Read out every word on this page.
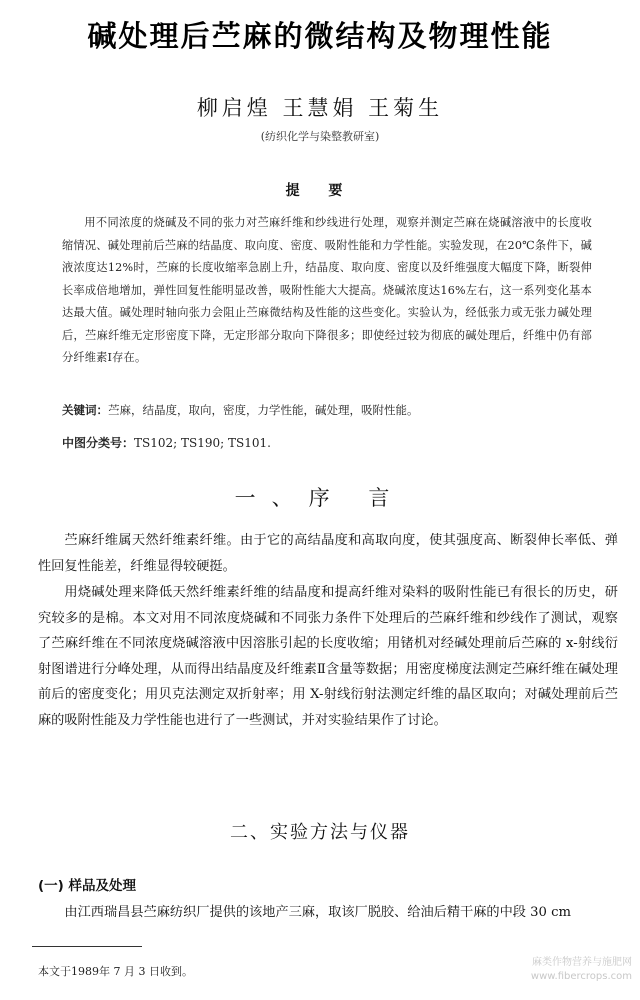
碱处理后苎麻的微结构及物理性能
柳启煌 王慧娟 王菊生
(纺织化学与染整教研室)
提 要
用不同浓度的烧碱及不同的张力对苎麻纤维和纱线进行处理，观察并测定苎麻在烧碱溶液中的长度收缩情况、碱处理前后苎麻的结晶度、取向度、密度、吸附性能和力学性能。实验发现，在20℃条件下，碱液浓度达12%时，苎麻的长度收缩率急剧上升，结晶度、取向度、密度以及纤维强度大幅度下降，断裂伸长率成倍地增加，弹性回复性能明显改善，吸附性能大大提高。烧碱浓度达16%左右，这一系列变化基本达最大值。碱处理时轴向张力会阻止苎麻微结构及性能的这些变化。实验认为，经低张力或无张力碱处理后，苎麻纤维无定形密度下降，无定形部分取向下降很多；即使经过较为彻底的碱处理后，纤维中仍有部分纤维素Ⅰ存在。
关键词：苎麻，结晶度，取向，密度，力学性能，碱处理，吸附性能。
中图分类号：TS102; TS190; TS101.
一、序 言

苎麻纤维属天然纤维素纤维。由于它的高结晶度和高取向度，使其强度高、断裂伸长率低、弹性回复性能差，纤维显得较硬挺。

用烧碱处理来降低天然纤维素纤维的结晶度和提高纤维对染料的吸附性能已有很长的历史，研究较多的是棉。本文对用不同浓度烧碱和不同张力条件下处理后的苎麻纤维和纱线作了测试，观察了苎麻纤维在不同浓度烧碱溶液中因溶胀引起的长度收缩；用锗机对经碱处理前后苎麻的 x-射线衍射图谱进行分峰处理，从而得出结晶度及纤维素Ⅱ含量等数据；用密度梯度法测定苎麻纤维在碱处理前后的密度变化；用贝克法测定双折射率；用 X-射线衍射法测定纤维的晶区取向；对碱处理前后苎麻的吸附性能及力学性能也进行了一些测试，并对实验结果作了讨论。

二、实验方法与仪器
(一) 样品及处理

由江西瑞昌县苎麻纺织厂提供的该地产三麻，取该厂脱胶、给油后精干麻的中段 30 cm

本文于1989年 7 月 3 日收到。
麻类作物营养与施肥网
www.fibercrops.com
